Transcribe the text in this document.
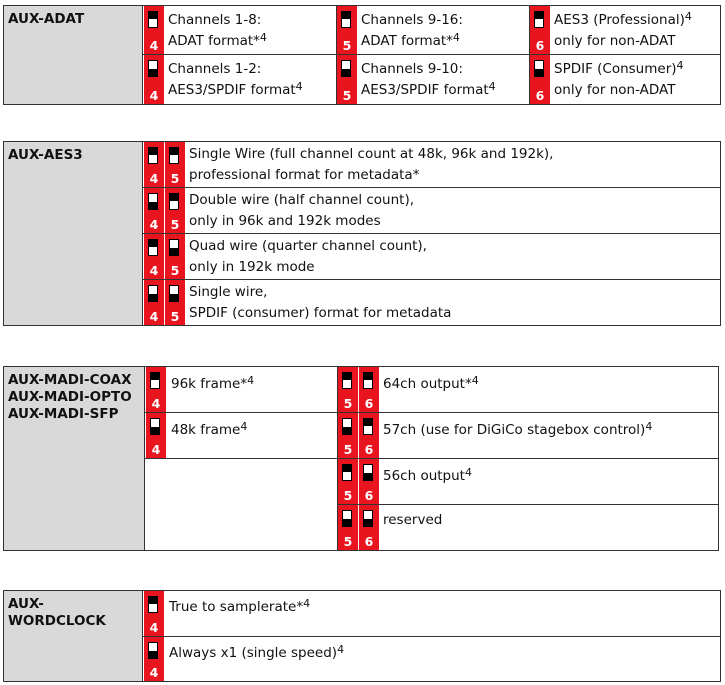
AUX-ADAT
4
Channels 1-8:
ADAT format*$^4$
5
Channels 9-16:
ADAT format*$^4$
6
AES3 (Professional)$^4$
only for non-ADAT
4
Channels 1-2:
AES3/SPDIF format$^4$
5
Channels 9-10:
AES3/SPDIF format$^4$
6
SPDIF (Consumer)$^4$
only for non-ADAT
AUX-AES3
4 5
Single Wire (full channel count at 48k, 96k and 192k),
professional format for metadata*
4 5
Double wire (half channel count),
only in 96k and 192k modes
4 5
Quad wire (quarter channel count),
only in 192k mode
4 5
Single wire,
SPDIF (consumer) format for metadata
AUX-MADI-COAX
AUX-MADI-OPTO
AUX-MADI-SFP
4
96k frame*$^4$
4
48k frame$^4$
5 6
64ch output*$^4$
5 6
57ch (use for DiGiCo stagebox control)$^4$
5 6
56ch output$^4$
5 6
reserved
AUX-
WORDCLOCK	4
True to samplerate*$^4$
4
Always x1 (single speed)$^4$
